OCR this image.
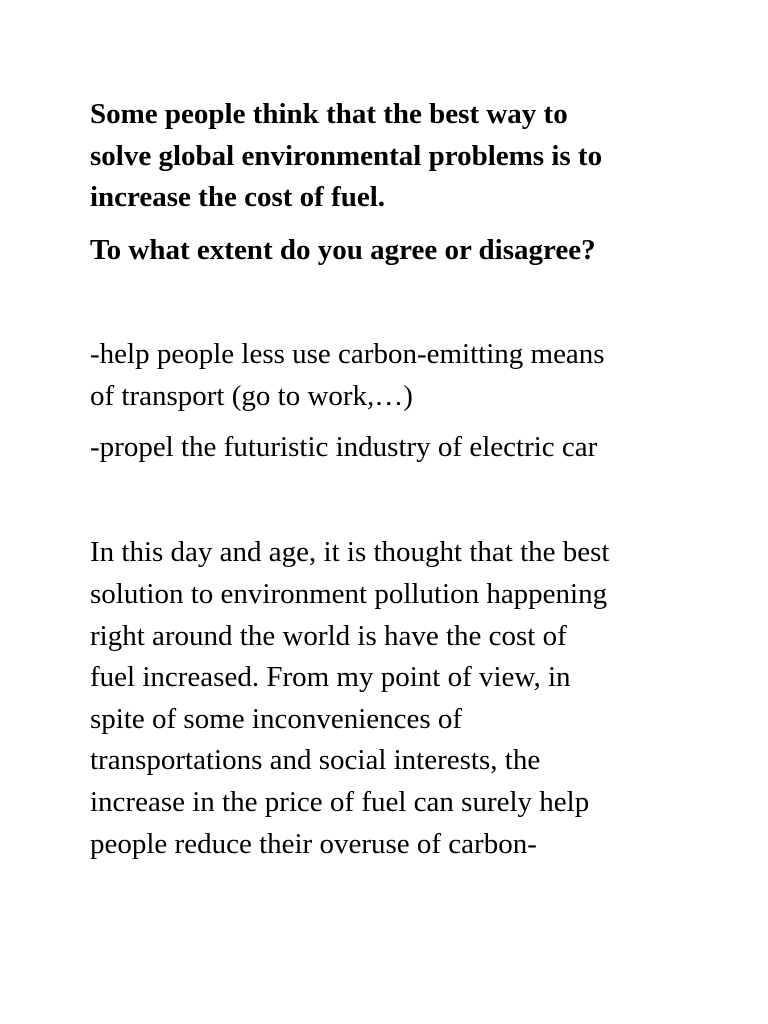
Some people think that the best way to
solve global environmental problems is to
increase the cost of fuel.
To what extent do you agree or disagree?
-help people less use carbon-emitting means
of transport (go to work,…)
-propel the futuristic industry of electric car
In this day and age, it is thought that the best
solution to environment pollution happening
right around the world is have the cost of
fuel increased. From my point of view, in
spite of some inconveniences of
transportations and social interests, the
increase in the price of fuel can surely help
people reduce their overuse of carbon-
